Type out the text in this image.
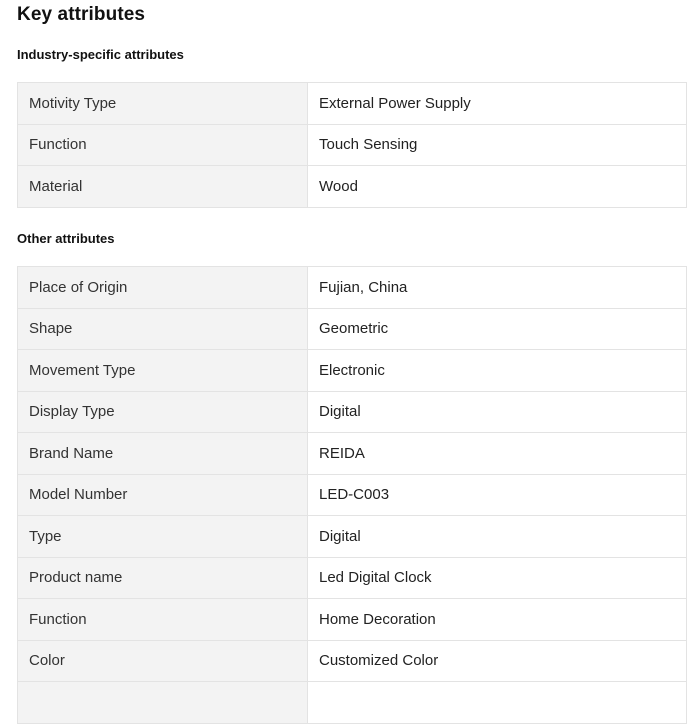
Key attributes
Industry-specific attributes
Motivity Type	External Power Supply
Function	Touch Sensing
Material	Wood
Other attributes
Place of Origin	Fujian, China
Shape	Geometric
Movement Type	Electronic
Display Type	Digital
Brand Name	REIDA
Model Number	LED-C003
Type	Digital
Product name	Led Digital Clock
Function	Home Decoration
Color	Customized Color
